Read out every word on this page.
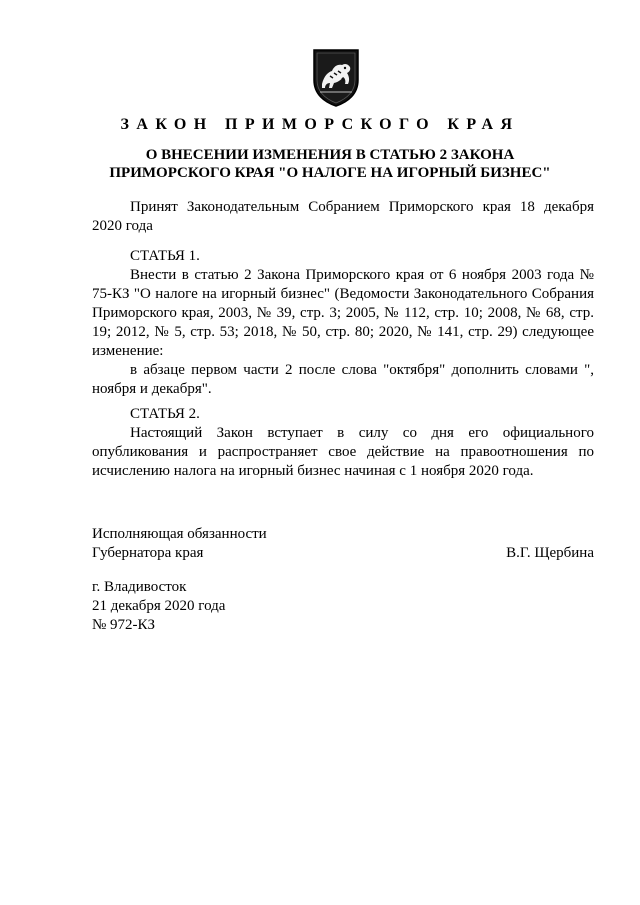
ЗАКОН ПРИМОРСКОГО КРАЯ
О ВНЕСЕНИИ ИЗМЕНЕНИЯ В СТАТЬЮ 2 ЗАКОНА
ПРИМОРСКОГО КРАЯ "О НАЛОГЕ НА ИГОРНЫЙ БИЗНЕС"
Принят Законодательным Собранием Приморского края 18 декабря 2020 года
СТАТЬЯ 1.
Внести в статью 2 Закона Приморского края от 6 ноября 2003 года № 75-КЗ "О налоге на игорный бизнес" (Ведомости Законодательного Собрания Приморского края, 2003, № 39, стр. 3; 2005, № 112, стр. 10; 2008, № 68, стр. 19; 2012, № 5, стр. 53; 2018, № 50, стр. 80; 2020, № 141, стр. 29) следующее изменение:
в абзаце первом части 2 после слова "октября" дополнить словами ", ноября и декабря".
СТАТЬЯ 2.
Настоящий Закон вступает в силу со дня его официального опубликования и распространяет свое действие на правоотношения по исчислению налога на игорный бизнес начиная с 1 ноября 2020 года.
Исполняющая обязанности
Губернатора края	В.Г. Щербина
г. Владивосток
21 декабря 2020 года
№ 972-КЗ
